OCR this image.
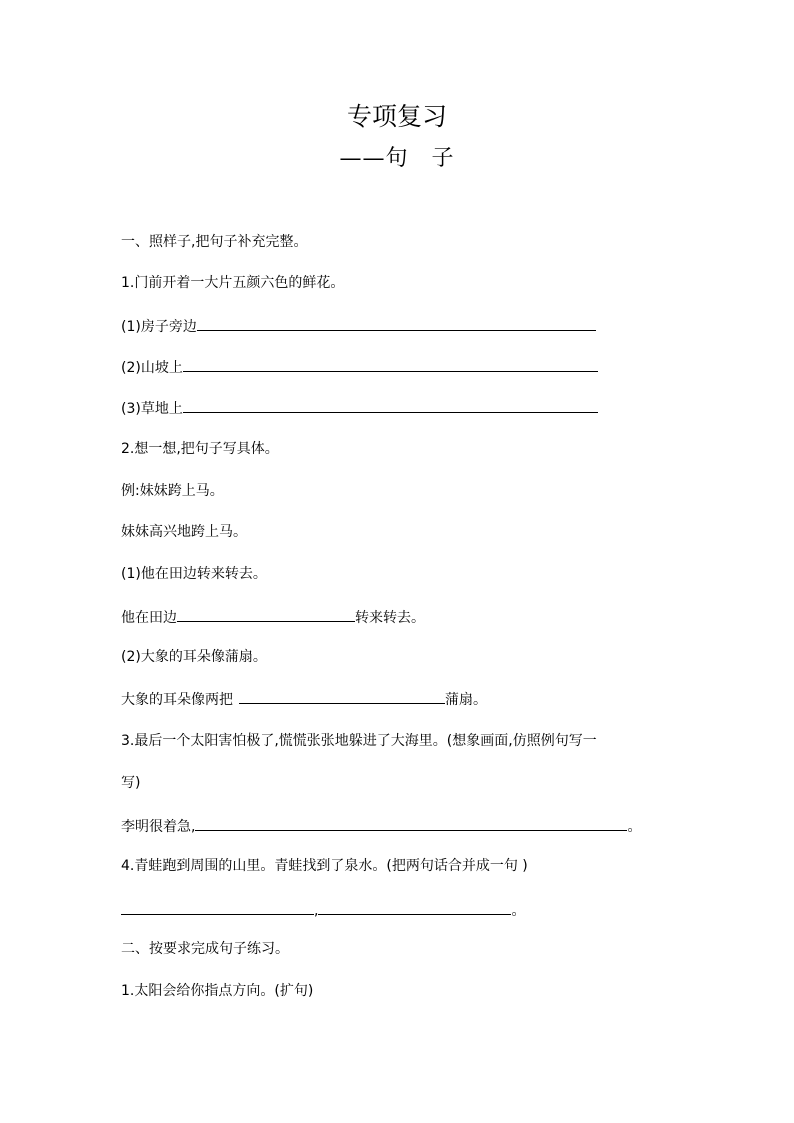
专项复习
——句　子
一、照样子,把句子补充完整。
1.门前开着一大片五颜六色的鲜花。
(1)房子旁边
(2)山坡上
(3)草地上
2.想一想,把句子写具体。
例:妹妹跨上马。
妹妹高兴地跨上马。
(1)他在田边转来转去。
他在田边	转来转去。
(2)大象的耳朵像蒲扇。
大象的耳朵像两把	蒲扇。
3.最后一个太阳害怕极了,慌慌张张地躲进了大海里。(想象画面,仿照例句写一
写)
李明很着急,	。
4.青蛙跑到周围的山里。青蛙找到了泉水。(把两句话合并成一句 )
,	。
二、按要求完成句子练习。
1.太阳会给你指点方向。(扩句)
